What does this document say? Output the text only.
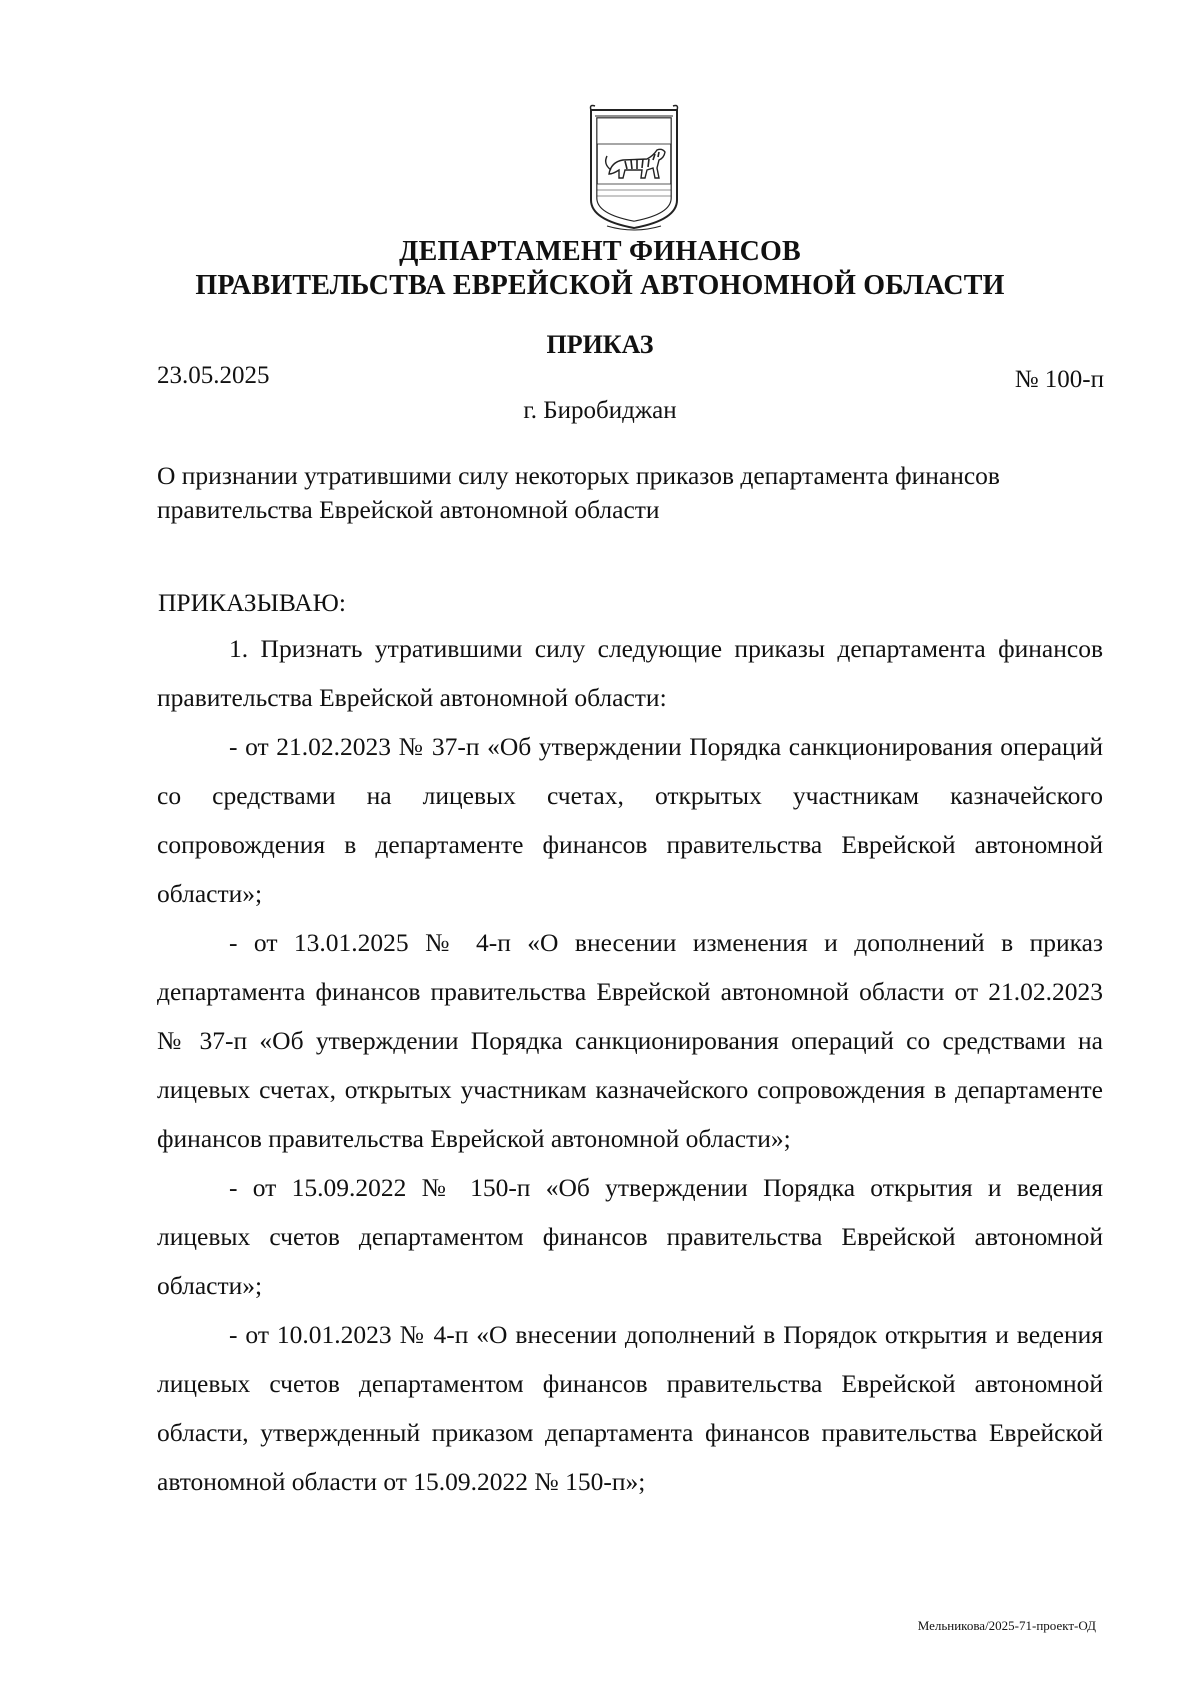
ДЕПАРТАМЕНТ ФИНАНСОВ
ПРАВИТЕЛЬСТВА ЕВРЕЙСКОЙ АВТОНОМНОЙ ОБЛАСТИ
ПРИКАЗ
23.05.2025	№ 100-п
г. Биробиджан
О признании утратившими силу некоторых приказов департамента финансов правительства Еврейской автономной области
ПРИКАЗЫВАЮ:

1. Признать утратившими силу следующие приказы департамента финансов правительства Еврейской автономной области:

- от 21.02.2023 № 37-п «Об утверждении Порядка санкционирования операций со средствами на лицевых счетах, открытых участникам казначейского сопровождения в департаменте финансов правительства Еврейской автономной области»;

- от 13.01.2025 № 4-п «О внесении изменения и дополнений в приказ департамента финансов правительства Еврейской автономной области от 21.02.2023 № 37-п «Об утверждении Порядка санкционирования операций со средствами на лицевых счетах, открытых участникам казначейского сопровождения в департаменте финансов правительства Еврейской автономной области»;

- от 15.09.2022 № 150-п «Об утверждении Порядка открытия и ведения лицевых счетов департаментом финансов правительства Еврейской автономной области»;

- от 10.01.2023 № 4-п «О внесении дополнений в Порядок открытия и ведения лицевых счетов департаментом финансов правительства Еврейской автономной области, утвержденный приказом департамента финансов правительства Еврейской автономной области от 15.09.2022 № 150-п»;

Мельникова/2025-71-проект-ОД
